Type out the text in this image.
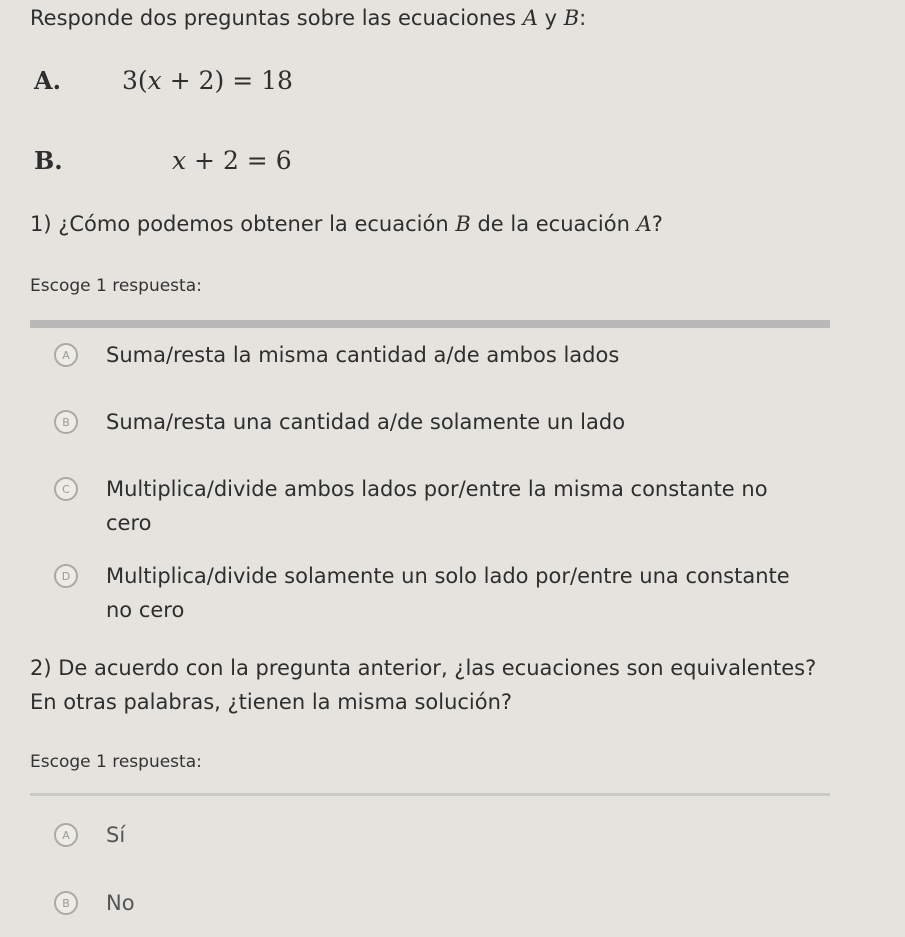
Responde dos preguntas sobre las ecuaciones A y B:
A. 3(x + 2) = 18
B.	x + 2 = 6
1) ¿Cómo podemos obtener la ecuación B de la ecuación A?
Escoge 1 respuesta:
A	Suma/resta la misma cantidad a/de ambos lados
B	Suma/resta una cantidad a/de solamente un lado
C	Multiplica/divide ambos lados por/entre la misma constante no cero
D	Multiplica/divide solamente un solo lado por/entre una constante no cero
2) De acuerdo con la pregunta anterior, ¿las ecuaciones son equivalentes?
En otras palabras, ¿tienen la misma solución?
Escoge 1 respuesta:
A	Sí
B	No
